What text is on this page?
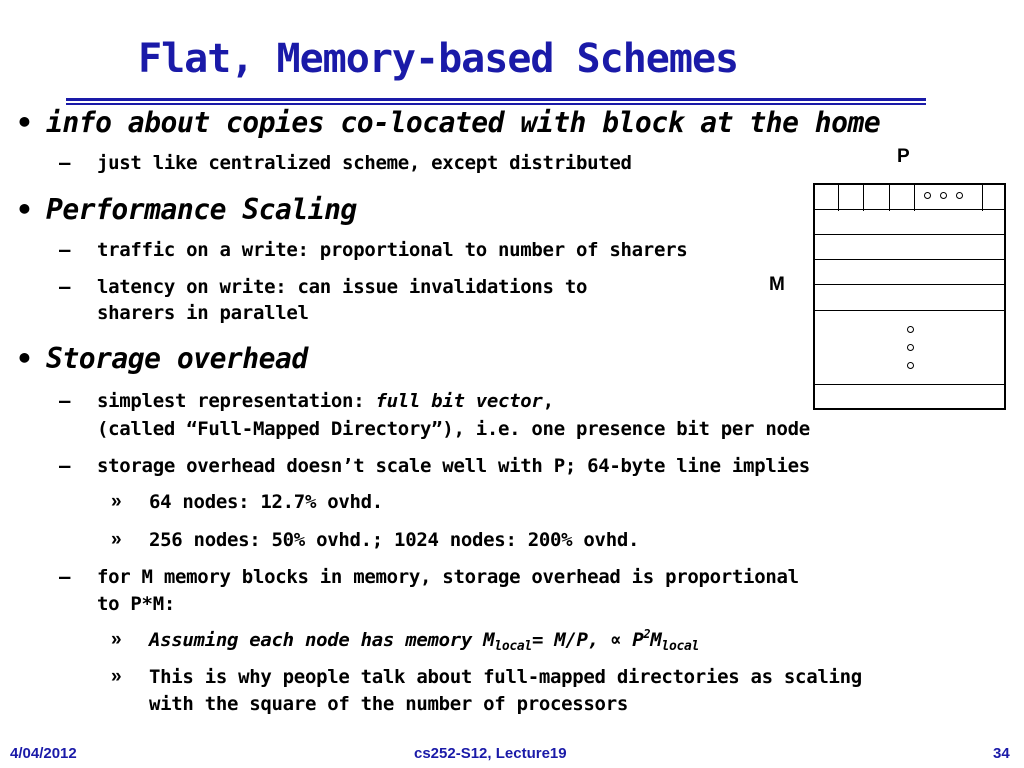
Flat, Memory-based Schemes
• info about copies co-located with block at the home
– just like centralized scheme, except distributed
• Performance Scaling
– traffic on a write: proportional to number of sharers
– latency on write: can issue invalidations to
sharers in parallel
• Storage overhead
– simplest representation: full bit vector,
(called “Full-Mapped Directory”), i.e. one presence bit per node
– storage overhead doesn’t scale well with P; 64-byte line implies
» 64 nodes: 12.7% ovhd.
» 256 nodes: 50% ovhd.; 1024 nodes: 200% ovhd.
– for M memory blocks in memory, storage overhead is proportional
to P*M:
» Assuming each node has memory $M_{local}= M/P$, ∝ $P^2M_{local}$
» This is why people talk about full-mapped directories as scaling
with the square of the number of processors
P
M
4/04/2012	cs252-S12, Lecture19	34
